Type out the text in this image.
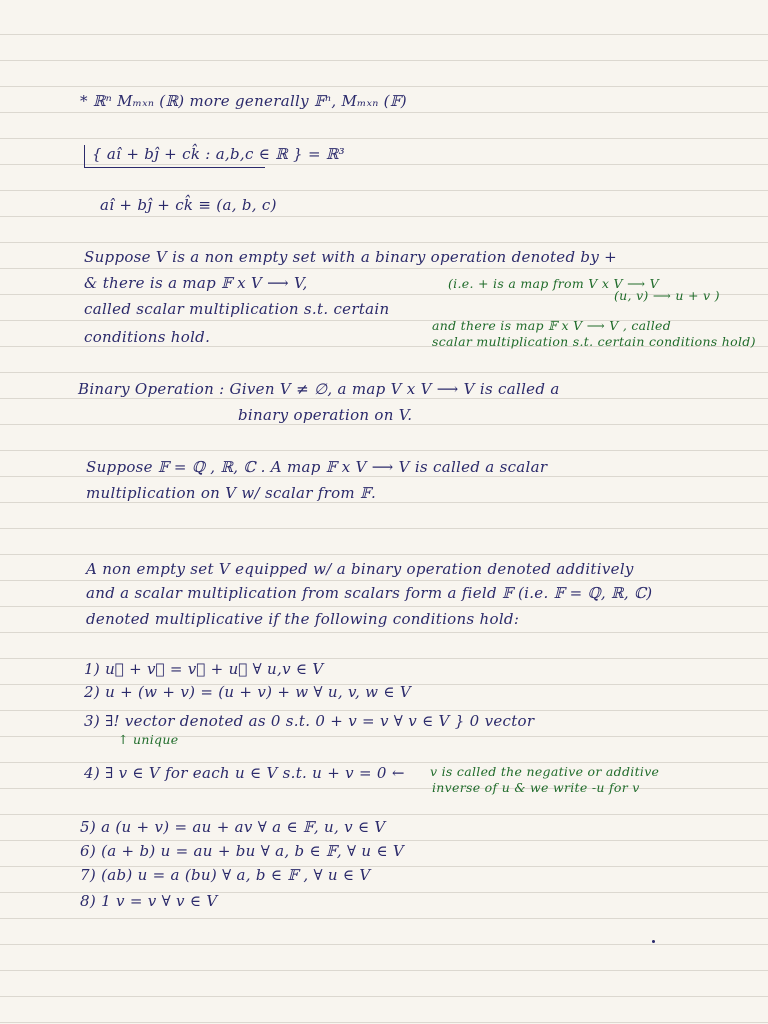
* ℝⁿ Mₘₓₙ (ℝ) more generally 𝔽ⁿ, Mₘₓₙ (𝔽)
{ aî + bĵ + ck̂ : a,b,c ∈ ℝ } = ℝ³
aî + bĵ + ck̂ ≡ (a, b, c)
Suppose V is a non empty set with a binary operation denoted by +
& there is a map 𝔽 x V ⟶ V,	(i.e. + is a map from V x V ⟶ V
(u, v) ⟶ u + v )
called scalar multiplication s.t. certain
conditions hold.
and there is map 𝔽 x V ⟶ V , called
scalar multiplication s.t. certain conditions hold)
Binary Operation : Given V ≠ ∅, a map V x V ⟶ V is called a
binary operation on V.
Suppose 𝔽 = ℚ , ℝ, ℂ . A map 𝔽 x V ⟶ V is called a scalar
multiplication on V w/ scalar from 𝔽.
A non empty set V equipped w/ a binary operation denoted additively
and a scalar multiplication from scalars form a field 𝔽 (i.e. 𝔽 = ℚ, ℝ, ℂ)
denoted multiplicative if the following conditions hold:
1) u⃗ + v⃗ = v⃗ + u⃗ ∀ u,v ∈ V
2) u + (w + v) = (u + v) + w ∀ u, v, w ∈ V
3) ∃! vector denoted as 0 s.t. 0 + v = v ∀ v ∈ V } 0 vector
↑ unique
4) ∃ v ∈ V for each u ∈ V s.t. u + v = 0 ← v is called the negative or additive
inverse of u & we write -u for v
5) a (u + v) = au + av ∀ a ∈ 𝔽, u, v ∈ V
6) (a + b) u = au + bu ∀ a, b ∈ 𝔽, ∀ u ∈ V
7) (ab) u = a (bu) ∀ a, b ∈ 𝔽 , ∀ u ∈ V
8) 1 v = v ∀ v ∈ V
